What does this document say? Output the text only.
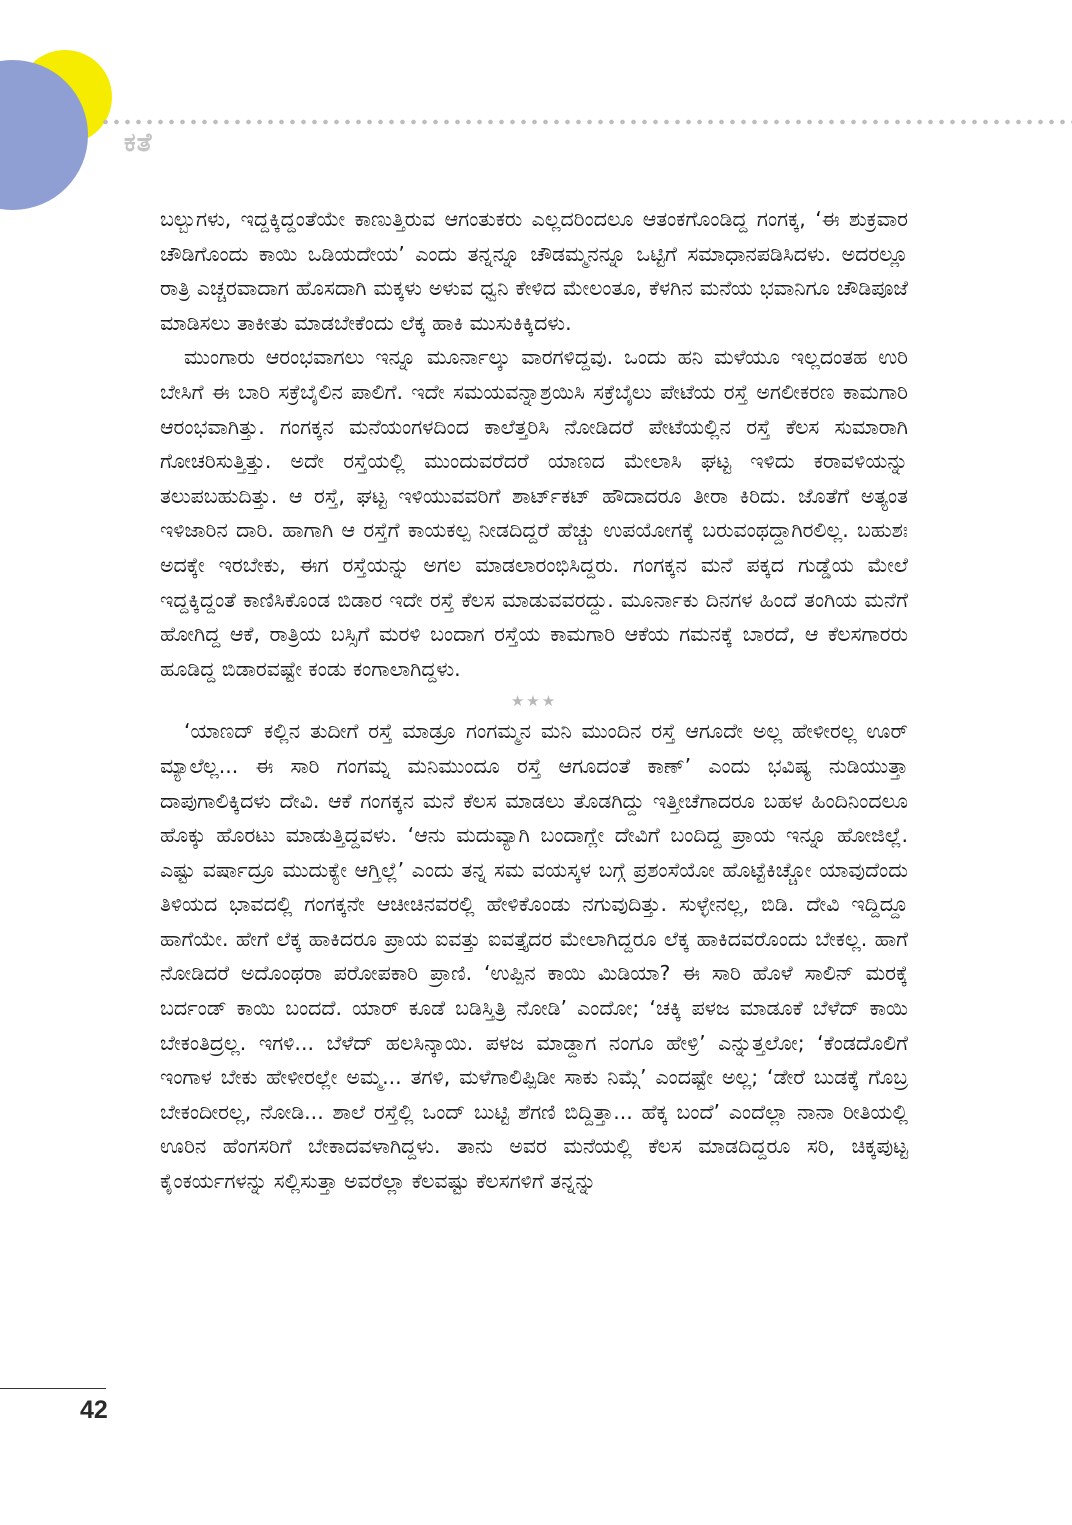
ಕತೆ

ಬಲ್ಬುಗಳು, ಇದ್ದಕ್ಕಿದ್ದಂತೆಯೇ ಕಾಣುತ್ತಿರುವ ಆಗಂತುಕರು ಎಲ್ಲದರಿಂದಲೂ ಆತಂಕಗೊಂಡಿದ್ದ ಗಂಗಕ್ಕ, ‘ಈ ಶುಕ್ರವಾರ ಚೌಡಿಗೊಂದು ಕಾಯಿ ಒಡಿಯದೇಯ’ ಎಂದು ತನ್ನನ್ನೂ ಚೌಡಮ್ಮನನ್ನೂ ಒಟ್ಟಿಗೆ ಸಮಾಧಾನಪಡಿಸಿದಳು. ಅದರಲ್ಲೂ ರಾತ್ರಿ ಎಚ್ಚರವಾದಾಗ ಹೊಸದಾಗಿ ಮಕ್ಕಳು ಅಳುವ ಧ್ವನಿ ಕೇಳಿದ ಮೇಲಂತೂ, ಕೆಳಗಿನ ಮನೆಯ ಭವಾನಿಗೂ ಚೌಡಿಪೂಜೆ ಮಾಡಿಸಲು ತಾಕೀತು ಮಾಡಬೇಕೆಂದು ಲೆಕ್ಕ ಹಾಕಿ ಮುಸುಕಿಕ್ಕಿದಳು.

ಮುಂಗಾರು ಆರಂಭವಾಗಲು ಇನ್ನೂ ಮೂರ್ನಾಲ್ಕು ವಾರಗಳಿದ್ದವು. ಒಂದು ಹನಿ ಮಳೆಯೂ ಇಲ್ಲದಂತಹ ಉರಿ ಬೇಸಿಗೆ ಈ ಬಾರಿ ಸಕ್ರೆಬೈಲಿನ ಪಾಲಿಗೆ. ಇದೇ ಸಮಯವನ್ನಾಶ್ರಯಿಸಿ ಸಕ್ರೆಬೈಲು ಪೇಟೆಯ ರಸ್ತೆ ಅಗಲೀಕರಣ ಕಾಮಗಾರಿ ಆರಂಭವಾಗಿತ್ತು. ಗಂಗಕ್ಕನ ಮನೆಯಂಗಳದಿಂದ ಕಾಲೆತ್ತರಿಸಿ ನೋಡಿದರೆ ಪೇಟೆಯಲ್ಲಿನ ರಸ್ತೆ ಕೆಲಸ ಸುಮಾರಾಗಿ ಗೋಚರಿಸುತ್ತಿತ್ತು. ಅದೇ ರಸ್ತೆಯಲ್ಲಿ ಮುಂದುವರೆದರೆ ಯಾಣದ ಮೇಲಾಸಿ ಘಟ್ಟ ಇಳಿದು ಕರಾವಳಿಯನ್ನು ತಲುಪಬಹುದಿತ್ತು. ಆ ರಸ್ತೆ, ಘಟ್ಟ ಇಳಿಯುವವರಿಗೆ ಶಾರ್ಟ್‌ಕಟ್ ಹೌದಾದರೂ ತೀರಾ ಕಿರಿದು. ಜೊತೆಗೆ ಅತ್ಯಂತ ಇಳಿಜಾರಿನ ದಾರಿ. ಹಾಗಾಗಿ ಆ ರಸ್ತೆಗೆ ಕಾಯಕಲ್ಪ ನೀಡದಿದ್ದರೆ ಹೆಚ್ಚು ಉಪಯೋಗಕ್ಕೆ ಬರುವಂಥದ್ದಾಗಿರಲಿಲ್ಲ. ಬಹುಶಃ ಅದಕ್ಕೇ ಇರಬೇಕು, ಈಗ ರಸ್ತೆಯನ್ನು ಅಗಲ ಮಾಡಲಾರಂಭಿಸಿದ್ದರು. ಗಂಗಕ್ಕನ ಮನೆ ಪಕ್ಕದ ಗುಡ್ಡೆಯ ಮೇಲೆ ಇದ್ದಕ್ಕಿದ್ದಂತೆ ಕಾಣಿಸಿಕೊಂಡ ಬಿಡಾರ ಇದೇ ರಸ್ತೆ ಕೆಲಸ ಮಾಡುವವರದ್ದು. ಮೂರ್ನಾಕು ದಿನಗಳ ಹಿಂದೆ ತಂಗಿಯ ಮನೆಗೆ ಹೋಗಿದ್ದ ಆಕೆ, ರಾತ್ರಿಯ ಬಸ್ಸಿಗೆ ಮರಳಿ ಬಂದಾಗ ರಸ್ತೆಯ ಕಾಮಗಾರಿ ಆಕೆಯ ಗಮನಕ್ಕೆ ಬಾರದೆ, ಆ ಕೆಲಸಗಾರರು ಹೂಡಿದ್ದ ಬಿಡಾರವಷ್ಟೇ ಕಂಡು ಕಂಗಾಲಾಗಿದ್ದಳು.

★★★

‘ಯಾಣದ್ ಕಲ್ಲಿನ ತುದೀಗೆ ರಸ್ತೆ ಮಾಡ್ರೂ ಗಂಗಮ್ಮನ ಮನಿ ಮುಂದಿನ ರಸ್ತೆ ಆಗೂದೇ ಅಲ್ಲ ಹೇಳೀರಲ್ಲ ಊರ್ ಮ್ಯಾಲೆಲ್ಲ... ಈ ಸಾರಿ ಗಂಗಮ್ನ ಮನಿಮುಂದೂ ರಸ್ತೆ ಆಗೂದಂತೆ ಕಾಣ್’ ಎಂದು ಭವಿಷ್ಯ ನುಡಿಯುತ್ತಾ ದಾಪುಗಾಲಿಕ್ಕಿದಳು ದೇವಿ. ಆಕೆ ಗಂಗಕ್ಕನ ಮನೆ ಕೆಲಸ ಮಾಡಲು ತೊಡಗಿದ್ದು ಇತ್ತೀಚೆಗಾದರೂ ಬಹಳ ಹಿಂದಿನಿಂದಲೂ ಹೊಕ್ಕು ಹೊರಟು ಮಾಡುತ್ತಿದ್ದವಳು. ‘ಆನು ಮದುವ್ಯಾಗಿ ಬಂದಾಗ್ಲೇ ದೇವಿಗೆ ಬಂದಿದ್ದ ಪ್ರಾಯ ಇನ್ನೂ ಹೋಜಿಲ್ಲೆ. ಎಷ್ಟು ವರ್ಷಾದ್ರೂ ಮುದುಕ್ಯೇ ಆಗ್ತಿಲ್ಲೆ’ ಎಂದು ತನ್ನ ಸಮ ವಯಸ್ಕಳ ಬಗ್ಗೆ ಪ್ರಶಂಸೆಯೋ ಹೊಟ್ಟೆಕಿಚ್ಚೋ ಯಾವುದೆಂದು ತಿಳಿಯದ ಭಾವದಲ್ಲಿ ಗಂಗಕ್ಕನೇ ಆಚೀಚಿನವರಲ್ಲಿ ಹೇಳಿಕೊಂಡು ನಗುವುದಿತ್ತು. ಸುಳ್ಳೇನಲ್ಲ, ಬಿಡಿ. ದೇವಿ ಇದ್ದಿದ್ದೂ ಹಾಗೆಯೇ. ಹೇಗೆ ಲೆಕ್ಕ ಹಾಕಿದರೂ ಪ್ರಾಯ ಐವತ್ತು ಐವತ್ತೈದರ ಮೇಲಾಗಿದ್ದರೂ ಲೆಕ್ಕ ಹಾಕಿದವರೊಂದು ಬೇಕಲ್ಲ. ಹಾಗೆ ನೋಡಿದರೆ ಅದೊಂಥರಾ ಪರೋಪಕಾರಿ ಪ್ರಾಣಿ. ‘ಉಪ್ಪಿನ ಕಾಯಿ ಮಿಡಿಯಾ? ಈ ಸಾರಿ ಹೊಳೆ ಸಾಲಿನ್ ಮರಕ್ಕೆ ಬರ್ದಂಡ್ ಕಾಯಿ ಬಂದದೆ. ಯಾರ್ ಕೂಡೆ ಬಡಿಸ್ತಿತ್ರಿ ನೋಡಿ’ ಎಂದೋ; ‘ಚಕ್ಕಿ ಪಳಜ ಮಾಡೂಕೆ ಬೆಳೆದ್ ಕಾಯಿ ಬೇಕಂತಿದ್ರಲ್ಲ. ಇಗಳಿ... ಬೆಳೆದ್ ಹಲಸಿನ್ಕಾಯಿ. ಪಳಜ ಮಾಡ್ದಾಗ ನಂಗೂ ಹೇಳ್ರಿ’ ಎನ್ನುತ್ತಲೋ; ‘ಕೆಂಡದೊಲಿಗೆ ಇಂಗಾಳ ಬೇಕು ಹೇಳೀರಲ್ಲೇ ಅಮ್ಮ... ತಗಳಿ, ಮಳೆಗಾಲಿಪ್ಪಿಡೀ ಸಾಕು ನಿಮ್ಗೆ’ ಎಂದಷ್ಟೇ ಅಲ್ಲ; ‘ಡೇರೆ ಬುಡಕ್ಕೆ ಗೊಬ್ರ ಬೇಕಂದೀರಲ್ಲ, ನೋಡಿ... ಶಾಲೆ ರಸ್ತೆಲ್ಲಿ ಒಂದ್ ಬುಟ್ಟಿ ಶೆಗಣಿ ಬಿದ್ದಿತ್ತಾ... ಹೆಕ್ಕ ಬಂದೆ’ ಎಂದೆಲ್ಲಾ ನಾನಾ ರೀತಿಯಲ್ಲಿ ಊರಿನ ಹೆಂಗಸರಿಗೆ ಬೇಕಾದವಳಾಗಿದ್ದಳು. ತಾನು ಅವರ ಮನೆಯಲ್ಲಿ ಕೆಲಸ ಮಾಡದಿದ್ದರೂ ಸರಿ, ಚಿಕ್ಕಪುಟ್ಟ ಕೈಂಕರ್ಯಗಳನ್ನು ಸಲ್ಲಿಸುತ್ತಾ ಅವರೆಲ್ಲಾ ಕೆಲವಷ್ಟು ಕೆಲಸಗಳಿಗೆ ತನ್ನನ್ನು

42
